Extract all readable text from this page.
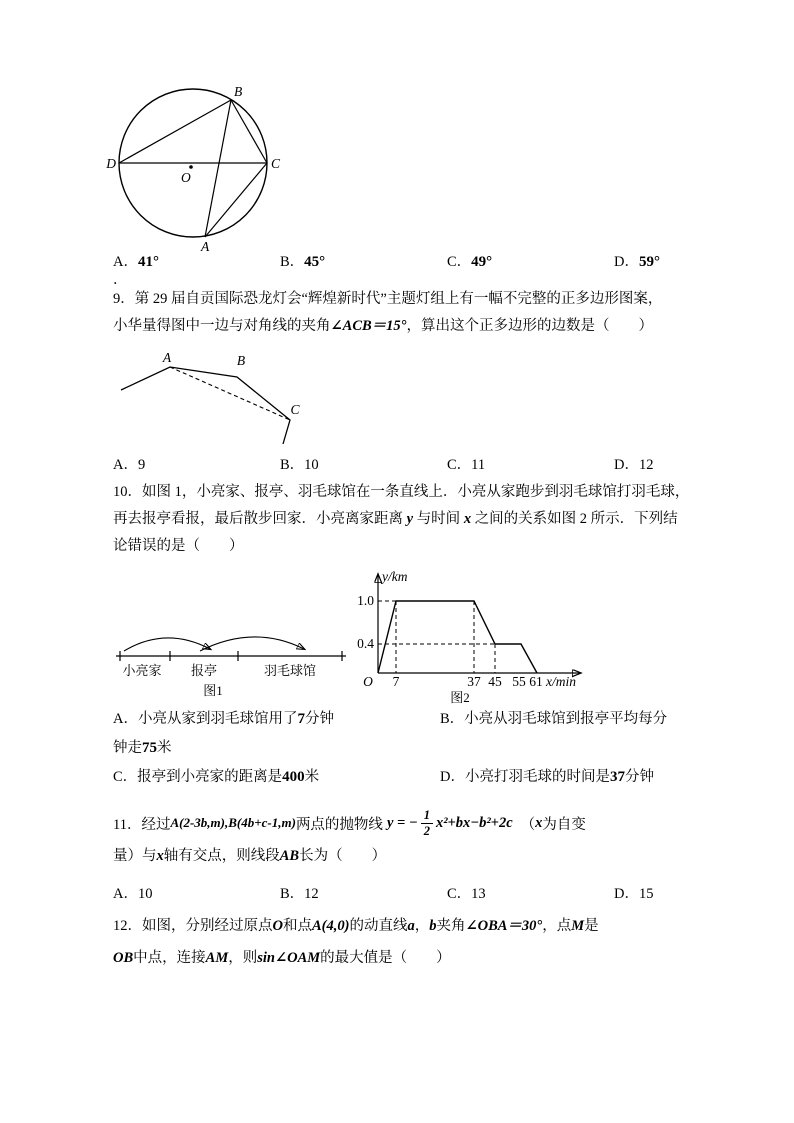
B
C
D
A
O
A．41°	B．45°	C．49°	D．59°
．
9．第 29 届自贡国际恐龙灯会“辉煌新时代”主题灯组上有一幅不完整的正多边形图案，
小华量得图中一边与对角线的夹角∠ACB＝15°，算出这个正多边形的边数是（　　）
A	B
C
A．9	B．10	C．11	D．12
10．如图 1，小亮家、报亭、羽毛球馆在一条直线上．小亮从家跑步到羽毛球馆打羽毛球，
再去报亭看报，最后散步回家．小亮离家距离 y 与时间 x 之间的关系如图 2 所示．下列结
论错误的是（　　）
小亮家 报亭	羽毛球馆
图1
y/km
1.0
0.4
O 7	37 45 55 61 x/min
图2
A．小亮从家到羽毛球馆用了7分钟	B．小亮从羽毛球馆到报亭平均每分
钟走75米
C．报亭到小亮家的距离是400米	D．小亮打羽毛球的时间是37分钟
11．经过 A(2-3b,m),B(4b+c-1,m) 两点的抛物线
y = − $\frac{1}{2} x^2+bx-b^2+2c$
（ x 为自变
量）与x轴有交点，则线段AB长为（　　）
A．10	B．12	C．13	D．15
12．如图，分别经过原点O和点A(4,0)的动直线a，b夹角∠OBA＝30°，点M是
OB中点，连接AM，则sin∠OAM的最大值是（　　）
